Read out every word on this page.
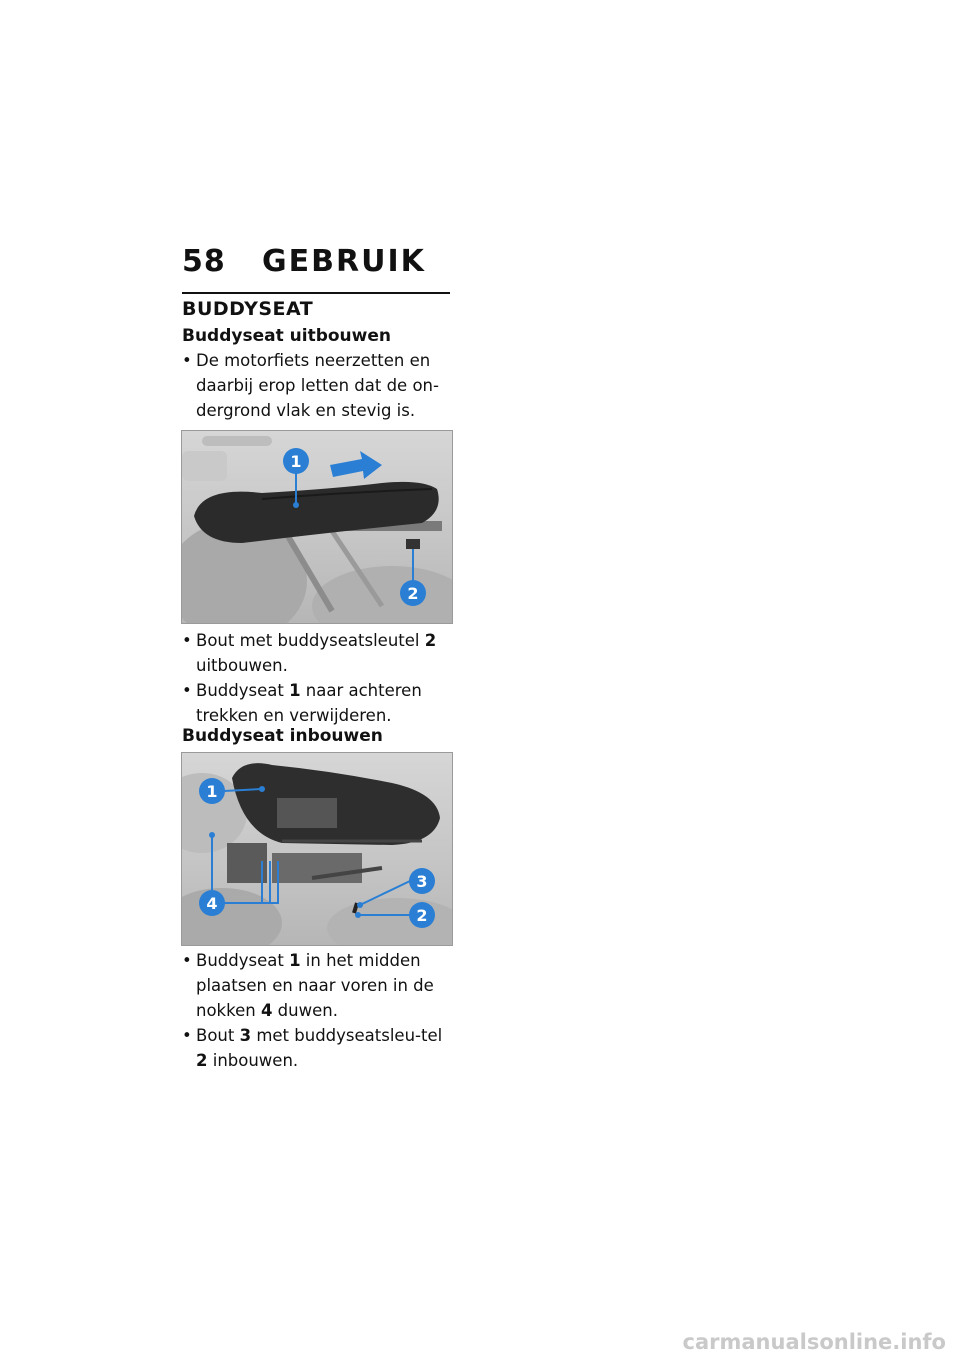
58 GEBRUIK
BUDDYSEAT
Buddyseat uitbouwen
• De motorfiets neerzetten en daarbij erop letten dat de on-dergrond vlak en stevig is.
1
2
• Bout met buddyseatsleutel 2 uitbouwen.
• Buddyseat 1 naar achteren trekken en verwijderen.
Buddyseat inbouwen
1
4
3
2
• Buddyseat 1 in het midden plaatsen en naar voren in de nokken 4 duwen.
• Bout 3 met buddyseatsleu-tel 2 inbouwen.
carmanualsonline.info
